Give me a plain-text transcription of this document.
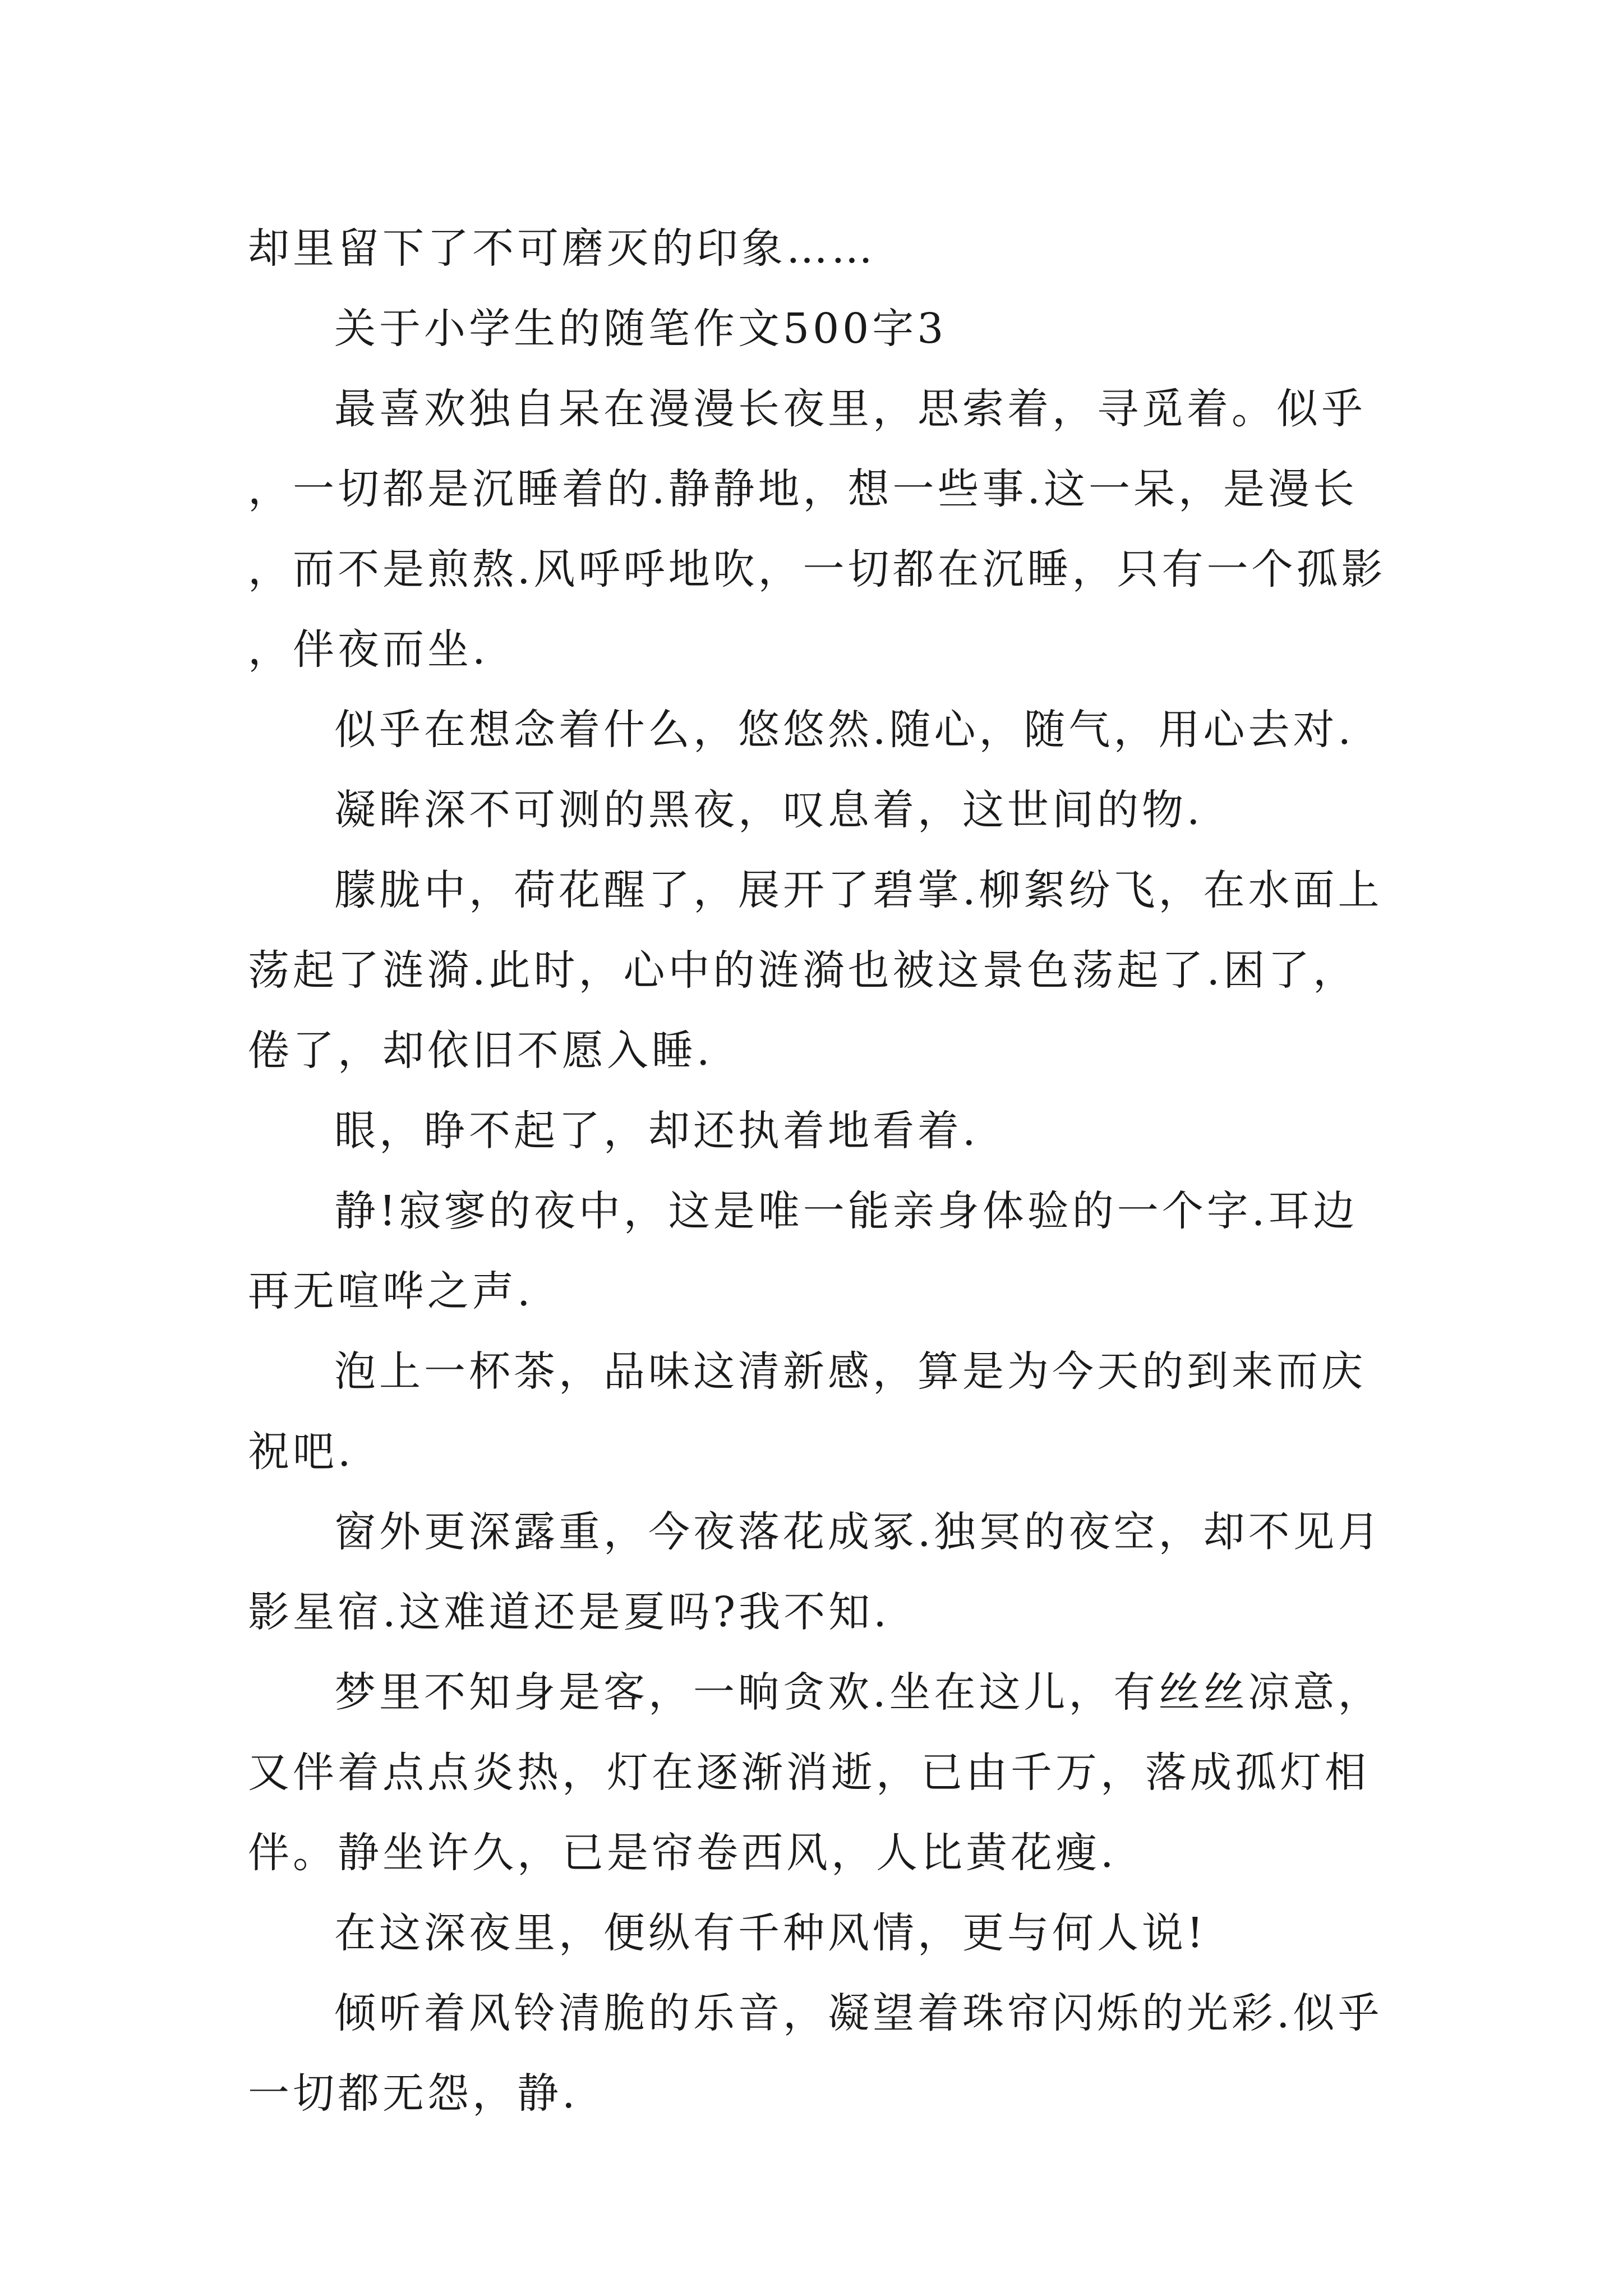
却里留下了不可磨灭的印象……

关于小学生的随笔作文500字3

最喜欢独自呆在漫漫长夜里，思索着，寻觅着。似乎，一切都是沉睡着的.静静地，想一些事.这一呆，是漫长，而不是煎熬.风呼呼地吹，一切都在沉睡，只有一个孤影，伴夜而坐.

似乎在想念着什么，悠悠然.随心，随气，用心去对.

凝眸深不可测的黑夜，叹息着，这世间的物.

朦胧中，荷花醒了，展开了碧掌.柳絮纷飞，在水面上荡起了涟漪.此时，心中的涟漪也被这景色荡起了.困了，倦了，却依旧不愿入睡.

眼，睁不起了，却还执着地看着.

静!寂寥的夜中，这是唯一能亲身体验的一个字.耳边再无喧哗之声.

泡上一杯茶，品味这清新感，算是为今天的到来而庆祝吧.

窗外更深露重，今夜落花成冢.独冥的夜空，却不见月影星宿.这难道还是夏吗?我不知.

梦里不知身是客，一晌贪欢.坐在这儿，有丝丝凉意，又伴着点点炎热，灯在逐渐消逝，已由千万，落成孤灯相伴。静坐许久，已是帘卷西风，人比黄花瘦.

在这深夜里，便纵有千种风情，更与何人说!

倾听着风铃清脆的乐音，凝望着珠帘闪烁的光彩.似乎一切都无怨，静.
